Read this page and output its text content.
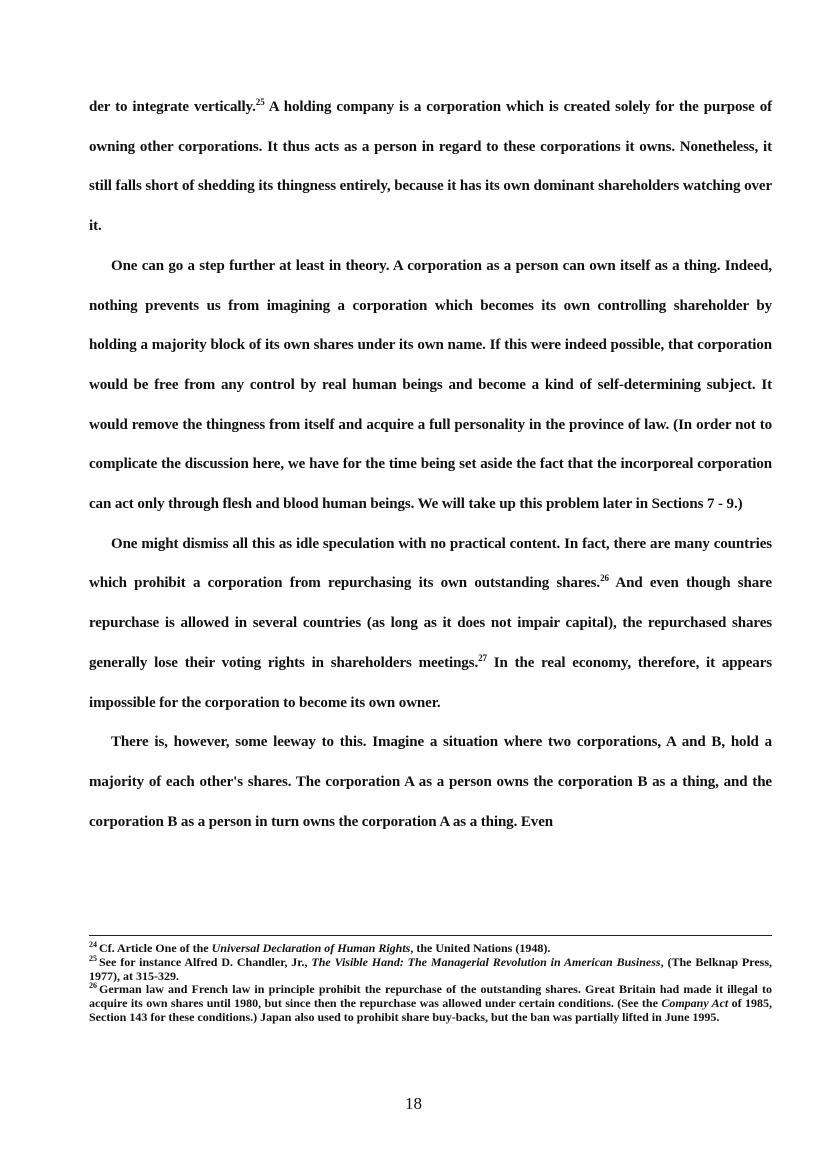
der to integrate vertically.$^{25}$ A holding company is a corporation which is created solely for the purpose of owning other corporations. It thus acts as a person in regard to these corporations it owns. Nonetheless, it still falls short of shedding its thingness entirely, because it has its own dominant shareholders watching over it.

One can go a step further at least in theory. A corporation as a person can own itself as a thing. Indeed, nothing prevents us from imagining a corporation which becomes its own controlling shareholder by holding a majority block of its own shares under its own name. If this were indeed possible, that corporation would be free from any control by real human beings and become a kind of self-determining subject. It would remove the thingness from itself and acquire a full personality in the province of law. (In order not to complicate the discussion here, we have for the time being set aside the fact that the incorporeal corporation can act only through flesh and blood human beings. We will take up this problem later in Sections 7 - 9.)

One might dismiss all this as idle speculation with no practical content. In fact, there are many countries which prohibit a corporation from repurchasing its own outstanding shares.$^{26}$ And even though share repurchase is allowed in several countries (as long as it does not impair capital), the repurchased shares generally lose their voting rights in shareholders meetings.$^{27}$ In the real economy, therefore, it appears impossible for the corporation to become its own owner.

There is, however, some leeway to this. Imagine a situation where two corporations, A and B, hold a majority of each other's shares. The corporation A as a person owns the corporation B as a thing, and the corporation B as a person in turn owns the corporation A as a thing. Even

$^{24}$ Cf. Article One of the Universal Declaration of Human Rights, the United Nations (1948).

$^{25}$ See for instance Alfred D. Chandler, Jr., The Visible Hand: The Managerial Revolution in American Business, (The Belknap Press, 1977), at 315-329.

$^{26}$ German law and French law in principle prohibit the repurchase of the outstanding shares. Great Britain had made it illegal to acquire its own shares until 1980, but since then the repurchase was allowed under certain conditions. (See the Company Act of 1985, Section 143 for these conditions.) Japan also used to prohibit share buy-backs, but the ban was partially lifted in June 1995.

18
